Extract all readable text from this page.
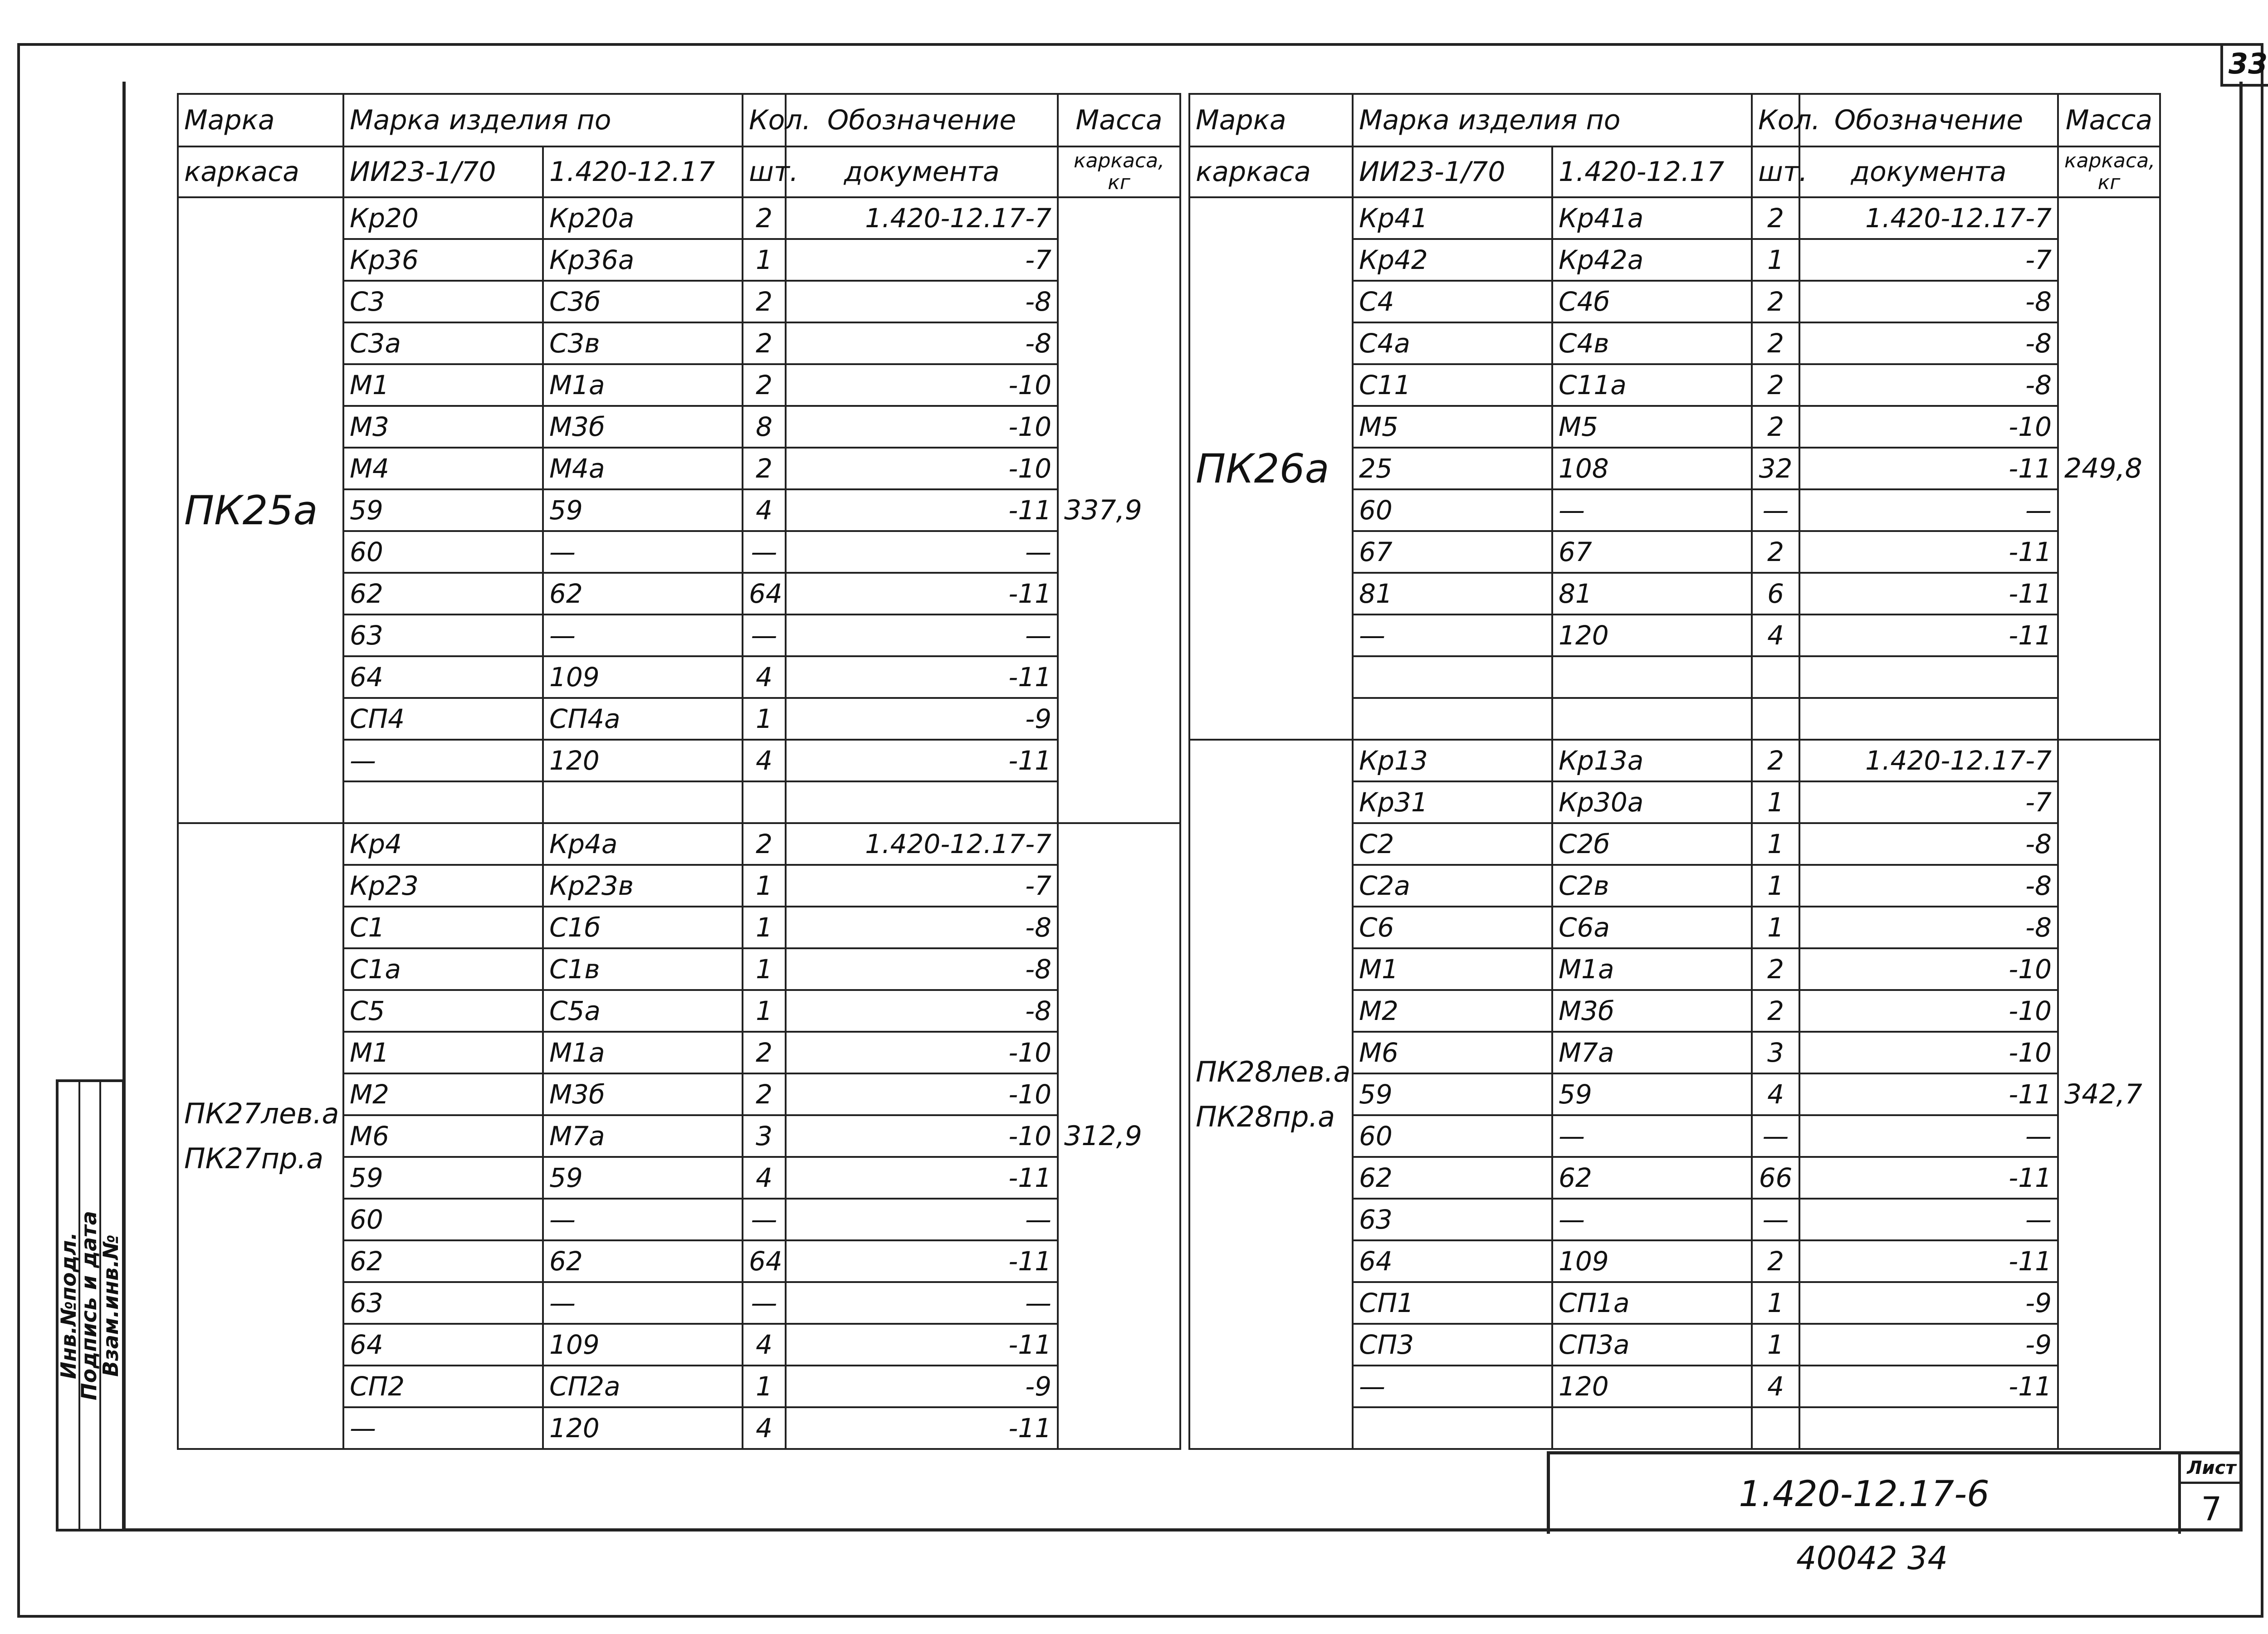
33
Марка	Марка изделия по		Кол.	Обозначение	Масса
каркаса	ИИ23-1/70	1.420-12.17	шт.	документа	каркаса,
кг
ПК25а	Кр20	Кр20а	2	1.420-12.17-7	337,9
	Кр36	Кр36а	1	-7	
	С3	С3б	2	-8	
	С3а	С3в	2	-8	
	М1	М1а	2	-10	
	М3	М3б	8	-10	
	М4	М4а	2	-10	
	59	59	4	-11	
	60	—	—	—	
	62	62	64	-11	
	63	—	—	—	
	64	109	4	-11	
	СП4	СП4а	1	-9	
	—	120	4	-11	

ПК27лев.а
ПК27пр.а	Кр4	Кр4а	2	1.420-12.17-7	312,9
	Кр23	Кр23в	1	-7	
	С1	С1б	1	-8	
	С1а	С1в	1	-8	
	С5	С5а	1	-8	
	М1	М1а	2	-10	
	М2	М3б	2	-10	
	М6	М7а	3	-10	
	59	59	4	-11	
	60	—	—	—	
	62	62	64	-11	
	63	—	—	—	
	64	109	4	-11	
	СП2	СП2а	1	-9	
	—	120	4	-11	
Марка	Марка изделия по		Кол.	Обозначение	Масса
каркаса	ИИ23-1/70	1.420-12.17	шт.	документа	каркаса,
кг
ПК26а	Кр41	Кр41а	2	1.420-12.17-7	249,8
	Кр42	Кр42а	1	-7	
	С4	С4б	2	-8	
	С4а	С4в	2	-8	
	С11	С11а	2	-8	
	М5	М5	2	-10	
	25	108	32	-11	
	60	—	—	—	
	67	67	2	-11	
	81	81	6	-11	
	—	120	4	-11	

ПК28лев.а
ПК28пр.а	Кр13	Кр13а	2	1.420-12.17-7	342,7
	Кр31	Кр30а	1	-7	
	С2	С2б	1	-8	
	С2а	С2в	1	-8	
	С6	С6а	1	-8	
	М1	М1а	2	-10	
	М2	М3б	2	-10	
	М6	М7а	3	-10	
	59	59	4	-11	
	60	—	—	—	
	62	62	66	-11	
	63	—	—	—	
	64	109	2	-11	
	СП1	СП1а	1	-9	
	СП3	СП3а	1	-9	
	—	120	4	-11	

Инв.№подл.
Подпись и дата
Взам.инв.№
1.420-12.17-6
Лист
7
40042 34
